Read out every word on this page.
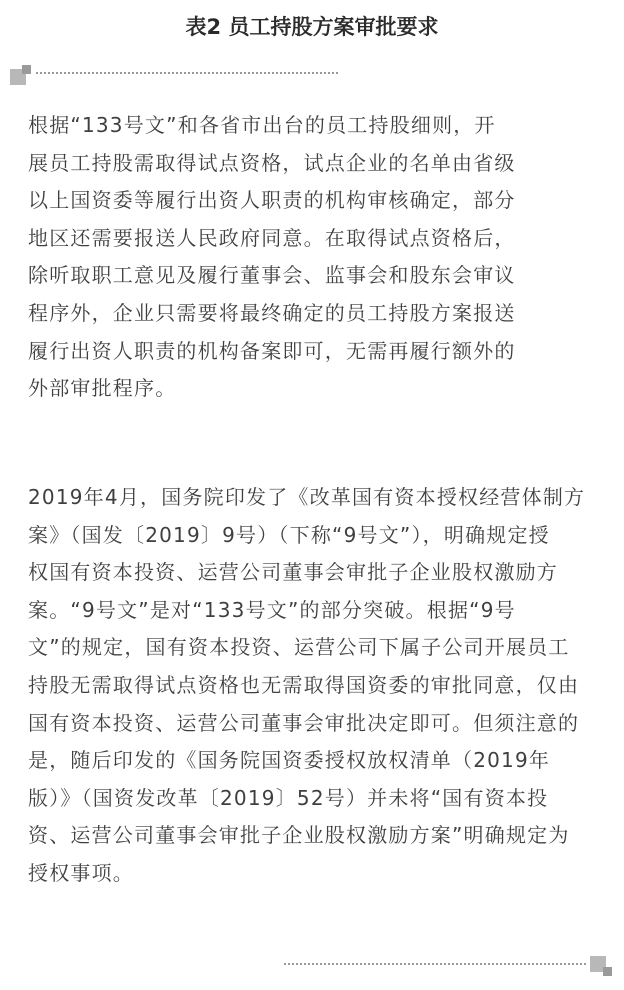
表2 员工持股方案审批要求
根据“133号文”和各省市出台的员工持股细则，开
展员工持股需取得试点资格，试点企业的名单由省级
以上国资委等履行出资人职责的机构审核确定，部分
地区还需要报送人民政府同意。在取得试点资格后，
除听取职工意见及履行董事会、监事会和股东会审议
程序外，企业只需要将最终确定的员工持股方案报送
履行出资人职责的机构备案即可，无需再履行额外的
外部审批程序。
2019年4月，国务院印发了《改革国有资本授权经营体制方
案》（国发〔2019〕9号）（下称“9号文”），明确规定授
权国有资本投资、运营公司董事会审批子企业股权激励方
案。“9号文”是对“133号文”的部分突破。根据“9号
文”的规定，国有资本投资、运营公司下属子公司开展员工
持股无需取得试点资格也无需取得国资委的审批同意，仅由
国有资本投资、运营公司董事会审批决定即可。但须注意的
是，随后印发的《国务院国资委授权放权清单（2019年
版）》（国资发改革〔2019〕52号）并未将“国有资本投
资、运营公司董事会审批子企业股权激励方案”明确规定为
授权事项。
